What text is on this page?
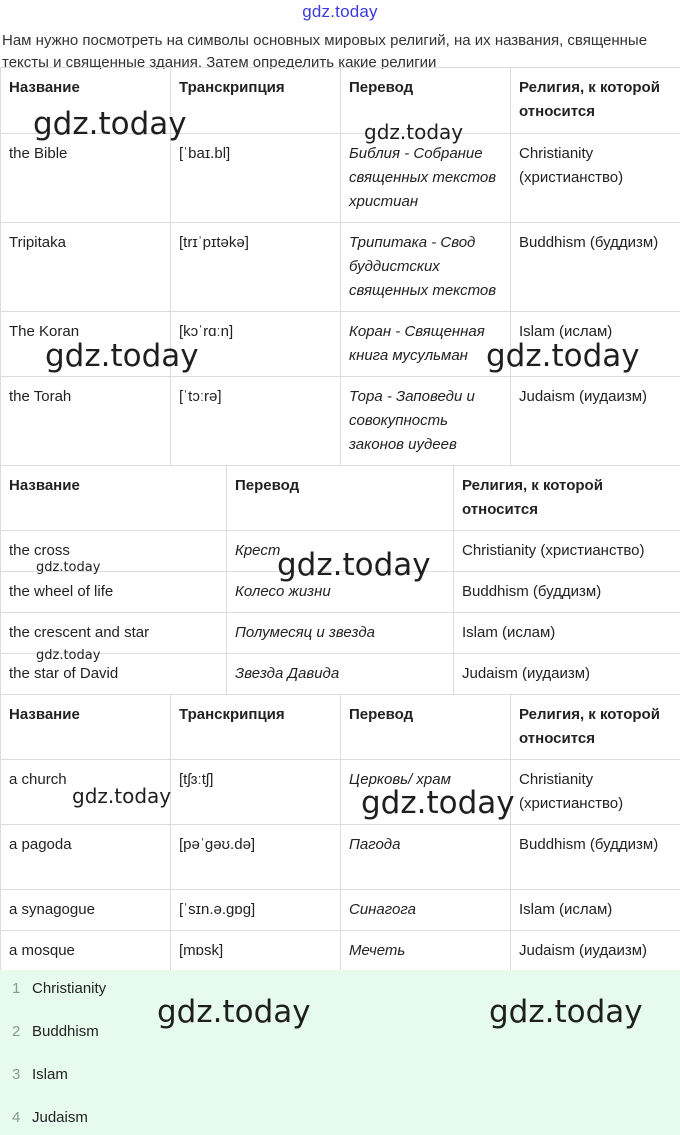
gdz.today
Нам нужно посмотреть на символы основных мировых религий, на их названия, священные тексты и священные здания. Затем определить какие религии
Название	Транскрипция	Перевод	Религия, к которой относится
the Bible	[ˈbaɪ.bl]	Библия - Собрание священных текстов христиан	Christianity (христианство)
Tripitaka	[trɪˈpɪtəkə]	Трипитака - Свод буддистских священных текстов	Buddhism (буддизм)
The Koran	[kɔˈrɑːn]	Коран - Священная книга мусульман	Islam (ислам)
the Torah	[ˈtɔːrə]	Тора - Заповеди и совокупность законов иудеев	Judaism (иудаизм)
Название	Перевод	Религия, к которой относится
the cross	Крест	Christianity (христианство)
the wheel of life	Колесо жизни	Buddhism (буддизм)
the crescent and star	Полумесяц и звезда	Islam (ислам)
the star of David	Звезда Давида	Judaism (иудаизм)
Название	Транскрипция	Перевод	Религия, к которой относится
a church	[tʃɜːtʃ]	Церковь/ храм	Christianity (христианство)
a pagoda	[pəˈɡəʊ.də]	Пагода	Buddhism (буддизм)
a synagogue	[ˈsɪn.ə.ɡɒɡ]	Синагога	Islam (ислам)
a mosque	[mɒsk]	Мечеть	Judaism (иудаизм)
1 Christianity
2 Buddhism
3 Islam
4 Judaism
gdz.today	gdz.today
gdz.today	gdz.today
gdz.today	gdz.today
gdz.today
gdz.today	gdz.today
gdz.today	gdz.today
